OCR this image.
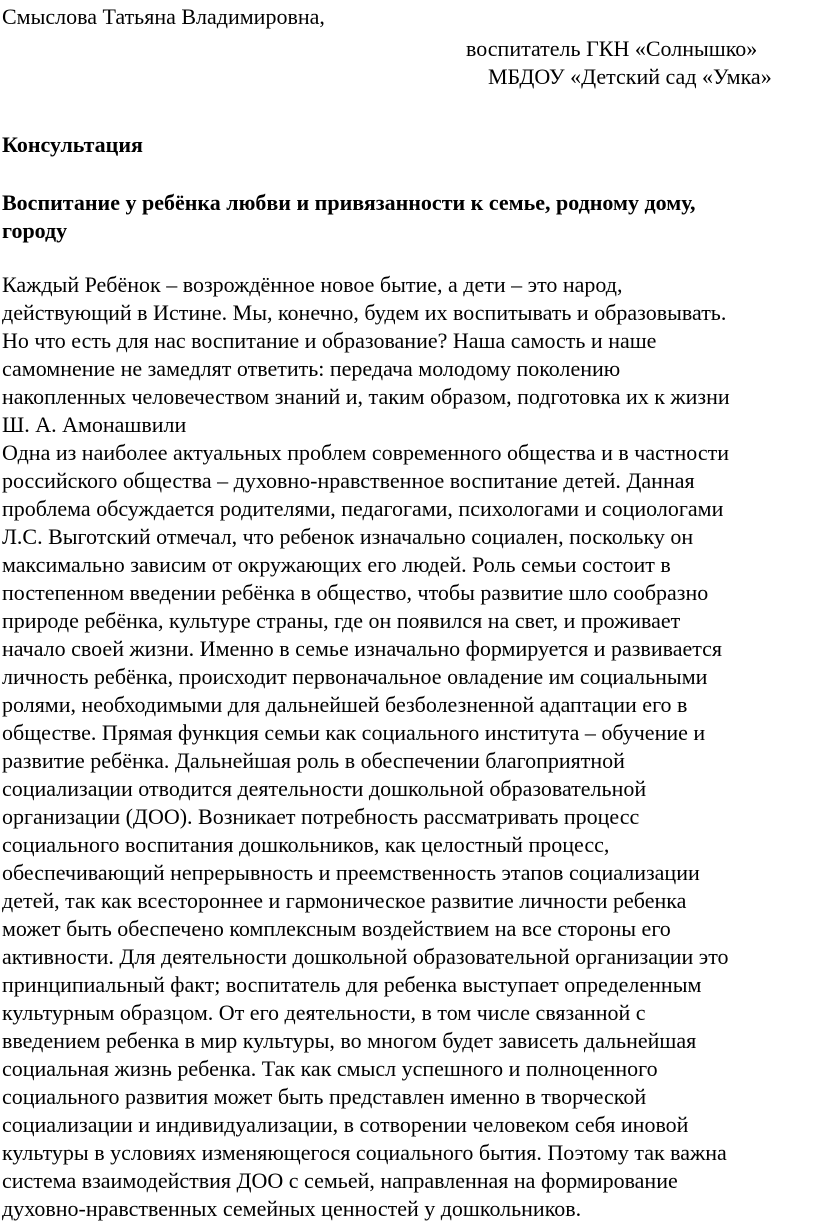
Смыслова Татьяна Владимировна,
воспитатель ГКН «Солнышко»
МБДОУ «Детский сад «Умка»
Консультация
Воспитание у ребёнка любви и привязанности к семье, родному дому,
городу
Каждый Ребёнок – возрождённое новое бытие, а дети – это народ,
действующий в Истине. Мы, конечно, будем их воспитывать и образовывать.
Но что есть для нас воспитание и образование? Наша самость и наше
самомнение не замедлят ответить: передача молодому поколению
накопленных человечеством знаний и, таким образом, подготовка их к жизни
Ш. А. Амонашвили
Одна из наиболее актуальных проблем современного общества и в частности
российского общества – духовно-нравственное воспитание детей. Данная
проблема обсуждается родителями, педагогами, психологами и социологами
Л.С. Выготский отмечал, что ребенок изначально социален, поскольку он
максимально зависим от окружающих его людей. Роль семьи состоит в
постепенном введении ребёнка в общество, чтобы развитие шло сообразно
природе ребёнка, культуре страны, где он появился на свет, и проживает
начало своей жизни. Именно в семье изначально формируется и развивается
личность ребёнка, происходит первоначальное овладение им социальными
ролями, необходимыми для дальнейшей безболезненной адаптации его в
обществе. Прямая функция семьи как социального института – обучение и
развитие ребёнка. Дальнейшая роль в обеспечении благоприятной
социализации отводится деятельности дошкольной образовательной
организации (ДОО). Возникает потребность рассматривать процесс
социального воспитания дошкольников, как целостный процесс,
обеспечивающий непрерывность и преемственность этапов социализации
детей, так как всестороннее и гармоническое развитие личности ребенка
может быть обеспечено комплексным воздействием на все стороны его
активности. Для деятельности дошкольной образовательной организации это
принципиальный факт; воспитатель для ребенка выступает определенным
культурным образцом. От его деятельности, в том числе связанной с
введением ребенка в мир культуры, во многом будет зависеть дальнейшая
социальная жизнь ребенка. Так как смысл успешного и полноценного
социального развития может быть представлен именно в творческой
социализации и индивидуализации, в сотворении человеком себя иновой
культуры в условиях изменяющегося социального бытия. Поэтому так важна
система взаимодействия ДОО с семьей, направленная на формирование
духовно-нравственных семейных ценностей у дошкольников.
